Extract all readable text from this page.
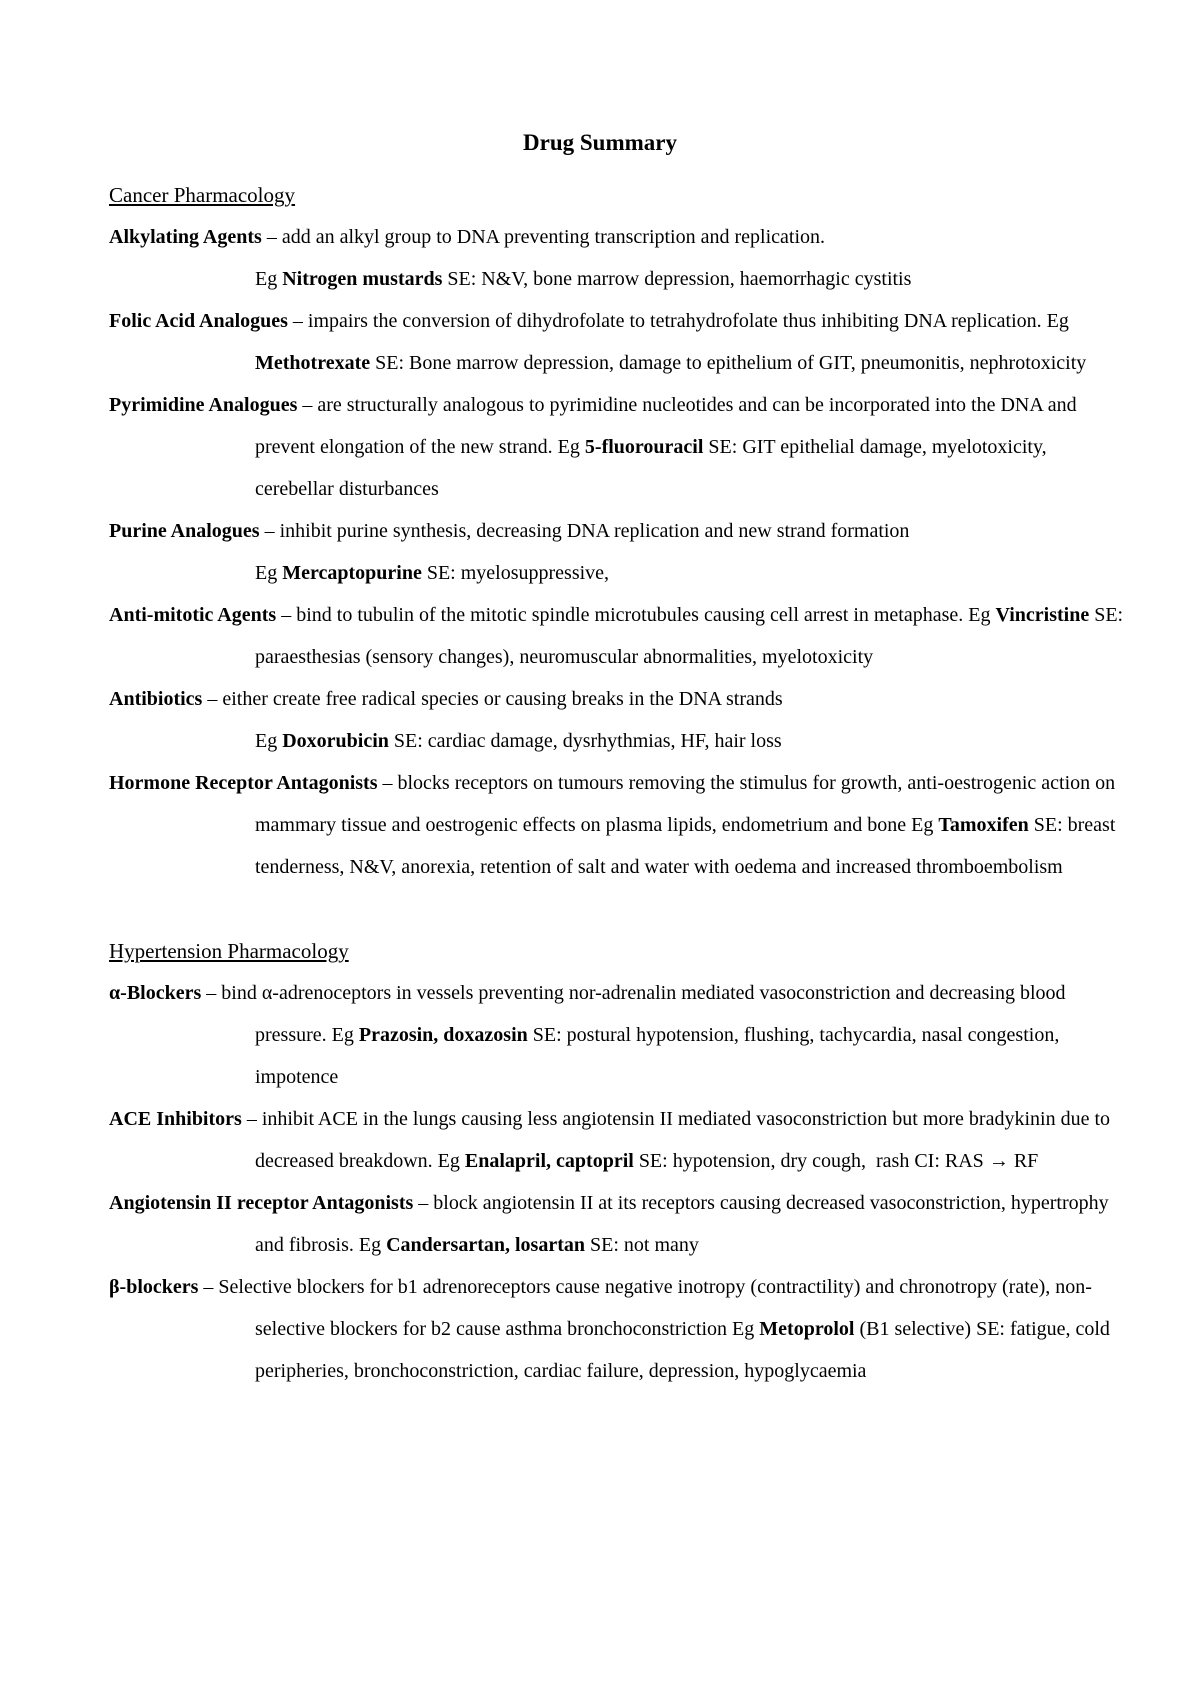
Drug Summary
Cancer Pharmacology
Alkylating Agents – add an alkyl group to DNA preventing transcription and replication.
Eg Nitrogen mustards SE: N&V, bone marrow depression, haemorrhagic cystitis
Folic Acid Analogues – impairs the conversion of dihydrofolate to tetrahydrofolate thus inhibiting DNA replication. Eg Methotrexate SE: Bone marrow depression, damage to epithelium of GIT, pneumonitis, nephrotoxicity
Pyrimidine Analogues – are structurally analogous to pyrimidine nucleotides and can be incorporated into the DNA and prevent elongation of the new strand. Eg 5-fluorouracil SE: GIT epithelial damage, myelotoxicity, cerebellar disturbances
Purine Analogues – inhibit purine synthesis, decreasing DNA replication and new strand formation
Eg Mercaptopurine SE: myelosuppressive,
Anti-mitotic Agents – bind to tubulin of the mitotic spindle microtubules causing cell arrest in metaphase. Eg Vincristine SE: paraesthesias (sensory changes), neuromuscular abnormalities, myelotoxicity
Antibiotics – either create free radical species or causing breaks in the DNA strands
Eg Doxorubicin SE: cardiac damage, dysrhythmias, HF, hair loss
Hormone Receptor Antagonists – blocks receptors on tumours removing the stimulus for growth, anti-oestrogenic action on mammary tissue and oestrogenic effects on plasma lipids, endometrium and bone Eg Tamoxifen SE: breast tenderness, N&V, anorexia, retention of salt and water with oedema and increased thromboembolism
Hypertension Pharmacology
α-Blockers – bind α-adrenoceptors in vessels preventing nor-adrenalin mediated vasoconstriction and decreasing blood pressure. Eg Prazosin, doxazosin SE: postural hypotension, flushing, tachycardia, nasal congestion, impotence
ACE Inhibitors – inhibit ACE in the lungs causing less angiotensin II mediated vasoconstriction but more bradykinin due to decreased breakdown. Eg Enalapril, captopril SE: hypotension, dry cough,  rash CI: RAS → RF
Angiotensin II receptor Antagonists – block angiotensin II at its receptors causing decreased vasoconstriction, hypertrophy and fibrosis. Eg Candersartan, losartan SE: not many
β-blockers – Selective blockers for b1 adrenoreceptors cause negative inotropy (contractility) and chronotropy (rate), non- selective blockers for b2 cause asthma bronchoconstriction Eg Metoprolol (B1 selective) SE: fatigue, cold peripheries, bronchoconstriction, cardiac failure, depression, hypoglycaemia
